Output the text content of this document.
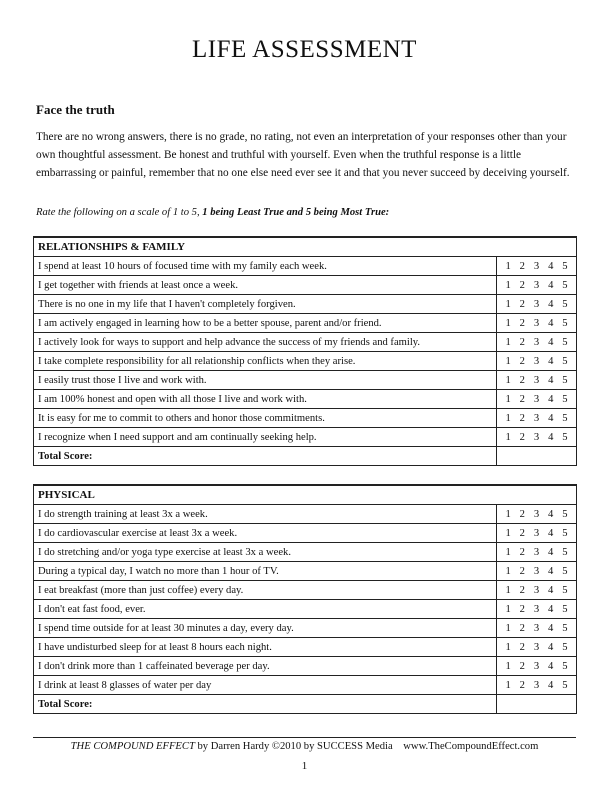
LIFE ASSESSMENT
Face the truth

There are no wrong answers, there is no grade, no rating, not even an interpretation of your responses other than your own thoughtful assessment. Be honest and truthful with yourself. Even when the truthful response is a little embarrassing or painful, remember that no one else need ever see it and that you never succeed by deceiving yourself.

Rate the following on a scale of 1 to 5, 1 being Least True and 5 being Most True:
RELATIONSHIPS & FAMILY	
I spend at least 10 hours of focused time with my family each week.	1 2 3 4 5

I get together with friends at least once a week.	1 2 3 4 5

There is no one in my life that I haven't completely forgiven.	1 2 3 4 5

I am actively engaged in learning how to be a better spouse, parent and/or friend.	1 2 3 4 5

I actively look for ways to support and help advance the success of my friends and family.	1 2 3 4 5

I take complete responsibility for all relationship conflicts when they arise.	1 2 3 4 5

I easily trust those I live and work with.	1 2 3 4 5

I am 100% honest and open with all those I live and work with.	1 2 3 4 5

It is easy for me to commit to others and honor those commitments.	1 2 3 4 5

I recognize when I need support and am continually seeking help.	1 2 3 4 5

Total Score:	
PHYSICAL	
I do strength training at least 3x a week.	1 2 3 4 5

I do cardiovascular exercise at least 3x a week.	1 2 3 4 5

I do stretching and/or yoga type exercise at least 3x a week.	1 2 3 4 5

During a typical day, I watch no more than 1 hour of TV.	1 2 3 4 5

I eat breakfast (more than just coffee) every day.	1 2 3 4 5

I don't eat fast food, ever.	1 2 3 4 5

I spend time outside for at least 30 minutes a day, every day.	1 2 3 4 5

I have undisturbed sleep for at least 8 hours each night.	1 2 3 4 5

I don't drink more than 1 caffeinated beverage per day.	1 2 3 4 5

I drink at least 8 glasses of water per day	1 2 3 4 5

Total Score:	
THE COMPOUND EFFECT by Darren Hardy ©2010 by SUCCESS Media www.TheCompoundEffect.com
1
